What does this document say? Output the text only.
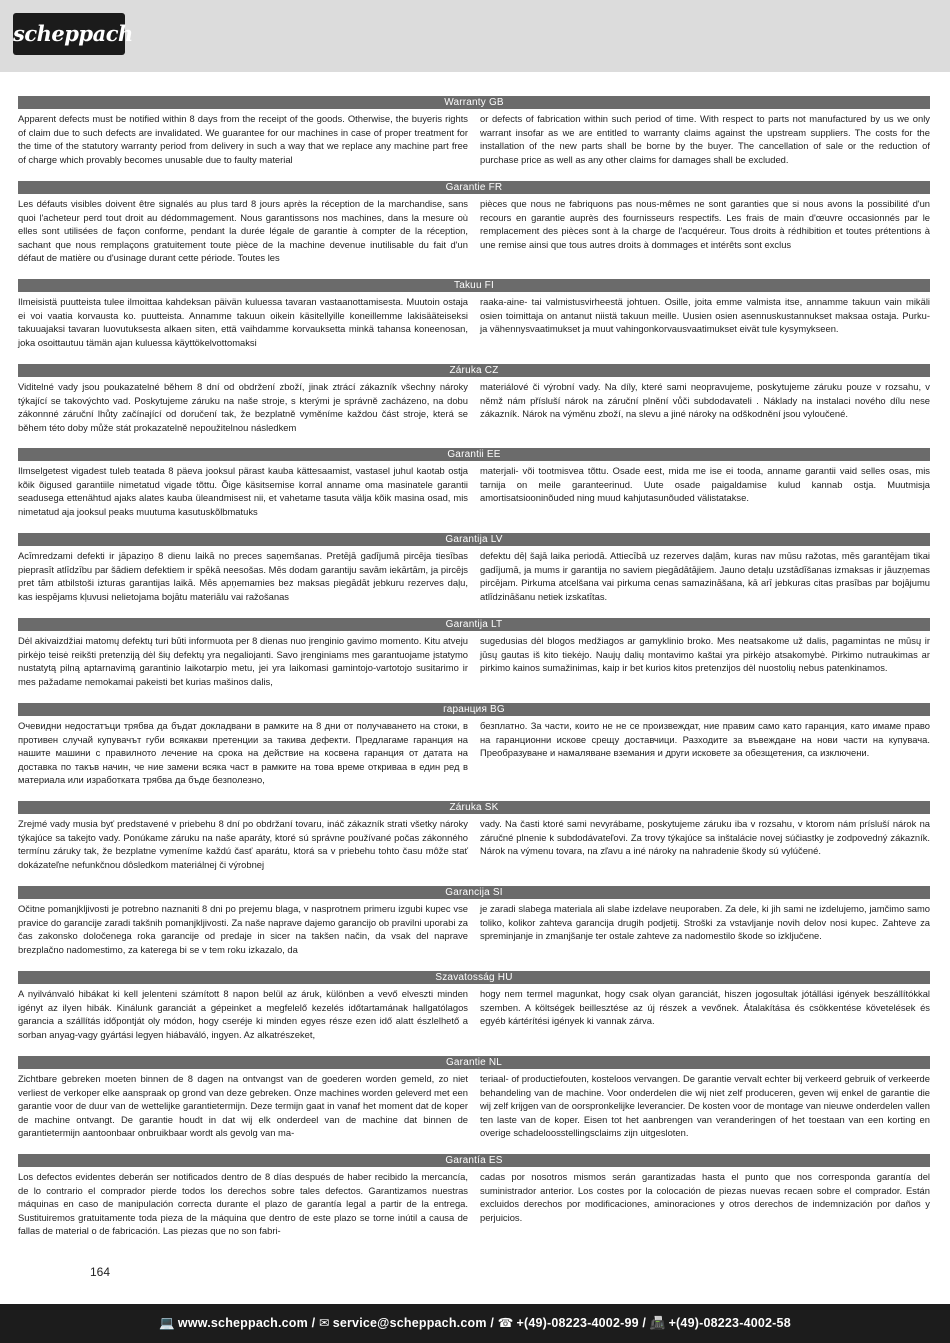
scheppach
Warranty GB
Apparent defects must be notified within 8 days from the receipt of the goods. Otherwise, the buyeris rights of claim due to such defects are invalidated. We guarantee for our machines in case of proper treatment for the time of the statutory warranty period from delivery in such a way that we replace any machine part free of charge which provably becomes unusable due to faulty material
or defects of fabrication within such period of time. With respect to parts not manufactured by us we only warrant insofar as we are entitled to warranty claims against the upstream suppliers. The costs for the installation of the new parts shall be borne by the buyer. The cancellation of sale or the reduction of purchase price as well as any other claims for damages shall be excluded.
Garantie FR
Les défauts visibles doivent être signalés au plus tard 8 jours après la réception de la marchandise, sans quoi l'acheteur perd tout droit au dédommagement. Nous garantissons nos machines, dans la mesure où elles sont utilisées de façon conforme, pendant la durée légale de garantie à compter de la réception, sachant que nous remplaçons gratuitement toute pièce de la machine devenue inutilisable du fait d'un défaut de matière ou d'usinage durant cette période. Toutes les
pièces que nous ne fabriquons pas nous-mêmes ne sont garanties que si nous avons la possibilité d'un recours en garantie auprès des fournisseurs respectifs. Les frais de main d'œuvre occasionnés par le remplacement des pièces sont à la charge de l'acquéreur. Tous droits à rédhibition et toutes prétentions à une remise ainsi que tous autres droits à dommages et intérêts sont exclus
Takuu FI
Ilmeisistä puutteista tulee ilmoittaa kahdeksan päivän kuluessa tavaran vastaanottamisesta. Muutoin ostaja ei voi vaatia korvausta ko. puutteista. Annamme takuun oikein käsitellyille koneillemme lakisääteiseksi takuuajaksi tavaran luovutuksesta alkaen siten, että vaihdamme korvauksetta minkä tahansa koneenosan, joka osoittautuu tämän ajan kuluessa käyttökelvottomaksi
raaka-aine- tai valmistusvirheestä johtuen. Osille, joita emme valmista itse, annamme takuun vain mikäli osien toimittaja on antanut niistä takuun meille. Uusien osien asennuskustannukset maksaa ostaja. Purku- ja vähennysvaatimukset ja muut vahingonkorvausvaatimukset eivät tule kysymykseen.
Záruka CZ
Viditelné vady jsou poukazatelné během 8 dní od obdržení zboží, jinak ztrácí zákazník všechny nároky týkající se takovýchto vad. Poskytujeme záruku na naše stroje, s kterými je správně zacházeno, na dobu zákonnné záruční lhůty začínající od doručení tak, že bezplatně vyměníme každou část stroje, která se během této doby může stát prokazatelně nepoužitelnou následkem
materiálové či výrobní vady. Na díly, které sami neopravujeme, poskytujeme záruku pouze v rozsahu, v němž nám přísluší nárok na záruční plnění vůči subdodavateli . Náklady na instalaci nového dílu nese zákazník. Nárok na výměnu zboží, na slevu a jiné nároky na odškodnění jsou vyloučené.
Garantii EE
Ilmselgetest vigadest tuleb teatada 8 päeva jooksul pärast kauba kättesaamist, vastasel juhul kaotab ostja kõik õigused garantiile nimetatud vigade tõttu. Õige käsitsemise korral anname oma masinatele garantii seadusega ettenähtud ajaks alates kauba üleandmisest nii, et vahetame tasuta välja kõik masina osad, mis nimetatud aja jooksul peaks muutuma kasutuskõlbmatuks
materjali- või tootmisvea tõttu. Osade eest, mida me ise ei tooda, anname garantii vaid selles osas, mis tarnija on meile garanteerinud. Uute osade paigaldamise kulud kannab ostja. Muutmisja amortisatsiooninõuded ning muud kahjutasunõuded välistatakse.
Garantija LV
Acīmredzami defekti ir jāpaziņo 8 dienu laikā no preces saņemšanas. Pretējā gadījumā pircēja tiesības pieprasīt atlīdzību par šādiem defektiem ir spēkā neesošas. Mēs dodam garantiju savām iekārtām, ja pircējs pret tām atbilstoši izturas garantijas laikā. Mēs apņemamies bez maksas piegādāt jebkuru rezerves daļu, kas iespējams kļuvusi nelietojama bojātu materiālu vai ražošanas
defektu dēļ šajā laika periodā. Attiecībā uz rezerves daļām, kuras nav mūsu ražotas, mēs garantējam tikai gadījumā, ja mums ir garantija no saviem piegādātājiem. Jauno detaļu uzstādīšanas izmaksas ir jāuzņemas pircējam. Pirkuma atcelšana vai pirkuma cenas samazināšana, kā arī jebkuras citas prasības par bojājumu atlīdzināšanu netiek izskatītas.
Garantija LT
Dėl akivaizdžiai matomų defektų turi būti informuota per 8 dienas nuo įrenginio gavimo momento. Kitu atveju pirkėjo teisė reikšti pretenziją dėl šių defektų yra negaliojanti. Savo įrenginiams mes garantuojame įstatymo nustatytą pilną aptarnavimą garantinio laikotarpio metu, jei yra laikomasi gamintojo-vartotojo susitarimo ir mes pažadame nemokamai pakeisti bet kurias mašinos dalis,
sugedusias dėl blogos medžiagos ar gamyklinio broko. Mes neatsakome už dalis, pagamintas ne mūsų ir jūsų gautas iš kito tiekėjo. Naujų dalių montavimo kaštai yra pirkėjo atsakomybė. Pirkimo nutraukimas ar pirkimo kainos sumažinimas, kaip ir bet kurios kitos pretenzijos dėl nuostolių nebus patenkinamos.
гаранция BG
Очевидни недостатъци трябва да бъдат докладвани в рамките на 8 дни от получаването на стоки, в противен случай купувачът губи всякакви претенции за такива дефекти. Предлагаме гаранция на нашите машини с правилното лечение на срока на действие на косвена гаранция от датата на доставка по такъв начин, че ние замени всяка част в рамките на това време откриваа в един ред в материала или изработката трябва да бъде безполезно,
безплатно. За части, които не не се произвеждат, ние правим само като гаранция, като имаме право на гаранционни искове срещу доставчици. Разходите за въвеждане на нови части на купувача. Преобразуване и намаляване вземания и други исковете за обезщетения, са изключени.
Záruka SK
Zrejmé vady musia byť predstavené v priebehu 8 dní po obdržaní tovaru, ináč zákazník strati všetky nároky týkajúce sa takejto vady. Ponúkame záruku na naše aparáty, ktoré sú správne používané počas zákonného termínu záruky tak, že bezplatne vymeníme každú časť aparátu, ktorá sa v priebehu tohto času môže stať dokázateľne nefunkčnou dôsledkom materiálnej či výrobnej
vady. Na časti ktoré sami nevyrábame, poskytujeme záruku iba v rozsahu, v ktorom nám prísluší nárok na záručné plnenie k subdodávateľovi. Za trovy týkajúce sa inštalácie novej súčiastky je zodpovedný zákazník. Nárok na výmenu tovara, na zľavu a iné nároky na nahradenie škody sú vylúčené.
Garancija SI
Očitne pomanjkljivosti je potrebno naznaniti 8 dni po prejemu blaga, v nasprotnem primeru izgubi kupec vse pravice do garancije zaradi takšnih pomanjkljivosti. Za naše naprave dajemo garancijo ob pravilni uporabi za čas zakonsko določenega roka garancije od predaje in sicer na takšen način, da vsak del naprave brezplačno nadomestimo, za katerega bi se v tem roku izkazalo, da
je zaradi slabega materiala ali slabe izdelave neuporaben. Za dele, ki jih sami ne izdelujemo, jamčimo samo toliko, kolikor zahteva garancija drugih podjetij. Stroški za vstavljanje novih delov nosi kupec. Zahteve za spreminjanje in zmanjšanje ter ostale zahteve za nadomestilo škode so izključene.
Szavatosság HU
A nyilvánvaló hibákat ki kell jelenteni számított 8 napon belül az áruk, különben a vevő elveszti minden igényt az ilyen hibák. Kinálunk garanciát a gépeinket a megfelelő kezelés időtartamának hallgatólagos garancia a szállítás időpontját oly módon, hogy cseréje ki minden egyes része ezen idő alatt észlelhető a sorban anyag-vagy gyártási legyen hiábaváló, ingyen. Az alkatrészeket,
hogy nem termel magunkat, hogy csak olyan garanciát, hiszen jogosultak jótállási igények beszállítókkal szemben. A költségek beillesztése az új részek a vevőnek. Átalakítása és csökkentése követelések és egyéb kártérítési igények ki vannak zárva.
Garantie NL
Zichtbare gebreken moeten binnen de 8 dagen na ontvangst van de goederen worden gemeld, zo niet verliest de verkoper elke aanspraak op grond van deze gebreken. Onze machines worden geleverd met een garantie voor de duur van de wettelijke garantietermijn. Deze termijn gaat in vanaf het moment dat de koper de machine ontvangt. De garantie houdt in dat wij elk onderdeel van de machine dat binnen de garantietermijn aantoonbaar onbruikbaar wordt als gevolg van ma-
teriaal- of productiefouten, kosteloos vervangen. De garantie vervalt echter bij verkeerd gebruik of verkeerde behandeling van de machine. Voor onderdelen die wij niet zelf produceren, geven wij enkel de garantie die wij zelf krijgen van de oorspronkelijke leverancier. De kosten voor de montage van nieuwe onderdelen vallen ten laste van de koper. Eisen tot het aanbrengen van veranderingen of het toestaan van een korting en overige schadeloosstellingsclaims zijn uitgesloten.
Garantía ES
Los defectos evidentes deberán ser notificados dentro de 8 días después de haber recibido la mercancía, de lo contrario el comprador pierde todos los derechos sobre tales defectos. Garantizamos nuestras máquinas en caso de manipulación correcta durante el plazo de garantía legal a partir de la entrega. Sustituiremos gratuitamente toda pieza de la máquina que dentro de este plazo se torne inútil a causa de fallas de material o de fabricación. Las piezas que no son fabri-
cadas por nosotros mismos serán garantizadas hasta el punto que nos corresponda garantía del suministrador anterior. Los costes por la colocación de piezas nuevas recaen sobre el comprador. Están excluidos derechos por modificaciones, aminoraciones y otros derechos de indemnización por daños y perjuicios.
164
💻 www.scheppach.com / ✉ service@scheppach.com / ☎ +(49)-08223-4002-99 / 📠 +(49)-08223-4002-58
